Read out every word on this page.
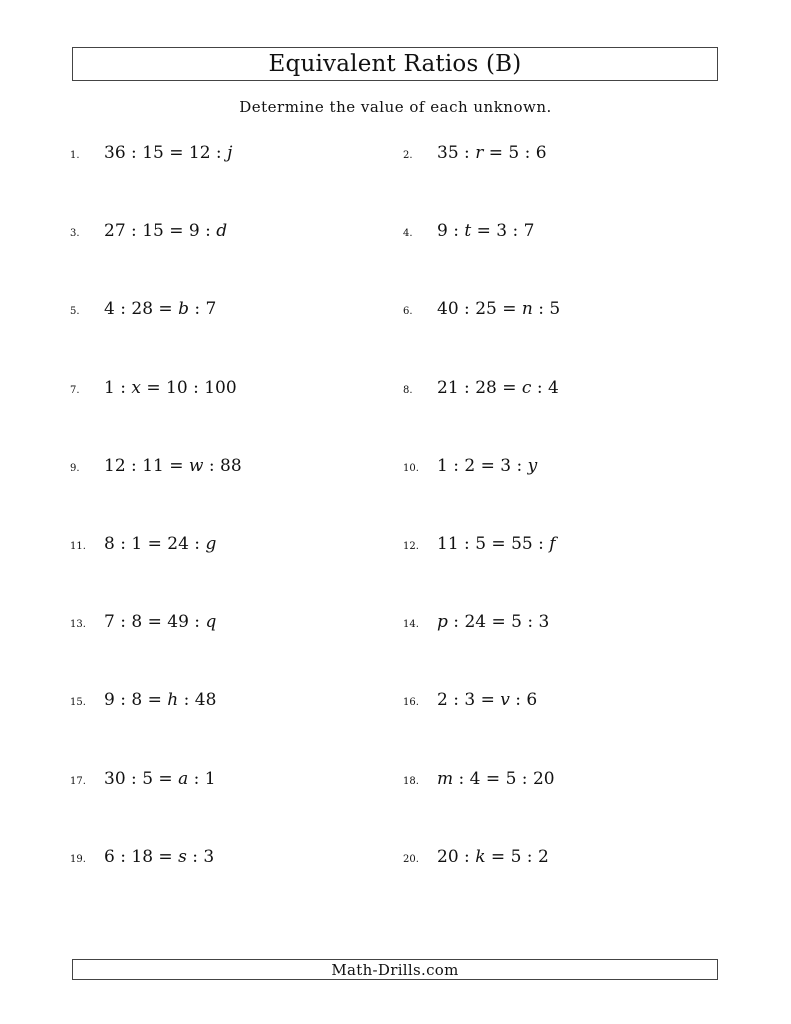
Equivalent Ratios (B)
Determine the value of each unknown.
1.	36 : 15 = 12 : j	2.	35 : r = 5 : 6
3.	27 : 15 = 9 : d	4.	9 : t = 3 : 7
5.	4 : 28 = b : 7	6.	40 : 25 = n : 5
7.	1 : x = 10 : 100	8.	21 : 28 = c : 4
9.	12 : 11 = w : 88	10.	1 : 2 = 3 : y
11.	8 : 1 = 24 : g	12.	11 : 5 = 55 : f
13.	7 : 8 = 49 : q	14.	p : 24 = 5 : 3
15.	9 : 8 = h : 48	16.	2 : 3 = v : 6
17.	30 : 5 = a : 1	18.	m : 4 = 5 : 20
19.	6 : 18 = s : 3	20.	20 : k = 5 : 2
Math-Drills.com
